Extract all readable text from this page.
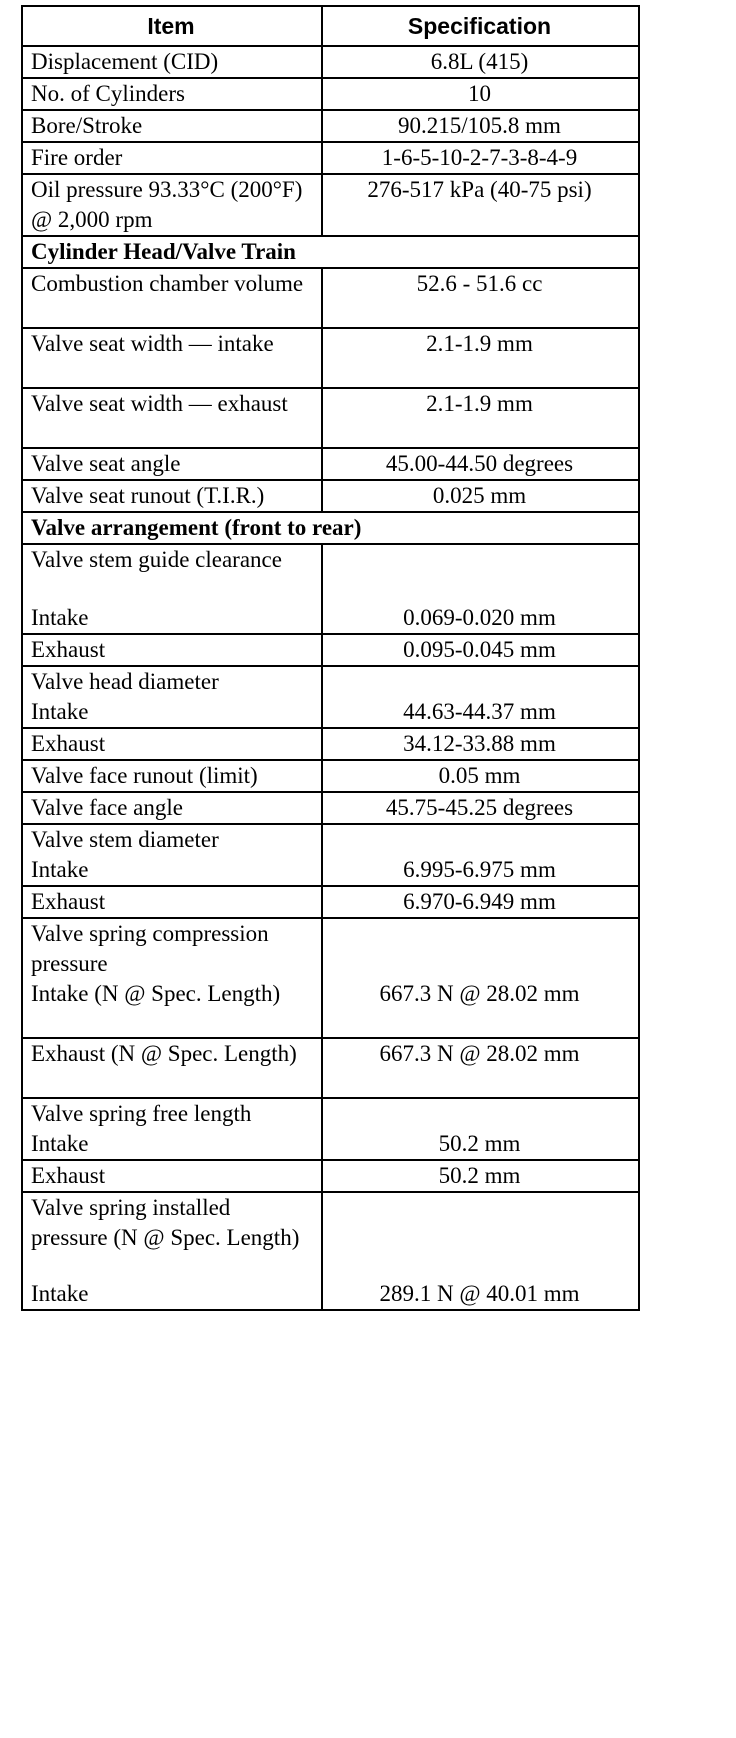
Item	Specification
Displacement (CID)	6.8L (415)
No. of Cylinders	10
Bore/Stroke	90.215/105.8 mm
Fire order	1-6-5-10-2-7-3-8-4-9
Oil pressure 93.33°C (200°F) @ 2,000 rpm	276-517 kPa (40-75 psi)
Cylinder Head/Valve Train	
Combustion chamber volume	52.6 - 51.6 cc
Valve seat width — intake	2.1-1.9 mm
Valve seat width — exhaust	2.1-1.9 mm
Valve seat angle	45.00-44.50 degrees
Valve seat runout (T.I.R.)	0.025 mm
Valve arrangement (front to rear)	
Valve stem guide clearance	

Intake	0.069-0.020 mm

Exhaust	0.095-0.045 mm
Valve head diameter	

Intake	44.63-44.37 mm

Exhaust	34.12-33.88 mm
Valve face runout (limit)	0.05 mm
Valve face angle	45.75-45.25 degrees
Valve stem diameter	

Intake	6.995-6.975 mm

Exhaust	6.970-6.949 mm
Valve spring compression pressure	

Intake (N @ Spec. Length)	667.3 N @ 28.02 mm

Exhaust (N @ Spec. Length)	667.3 N @ 28.02 mm
Valve spring free length	

Intake	50.2 mm

Exhaust	50.2 mm
Valve spring installed pressure (N @ Spec. Length)	

Intake	289.1 N @ 40.01 mm
